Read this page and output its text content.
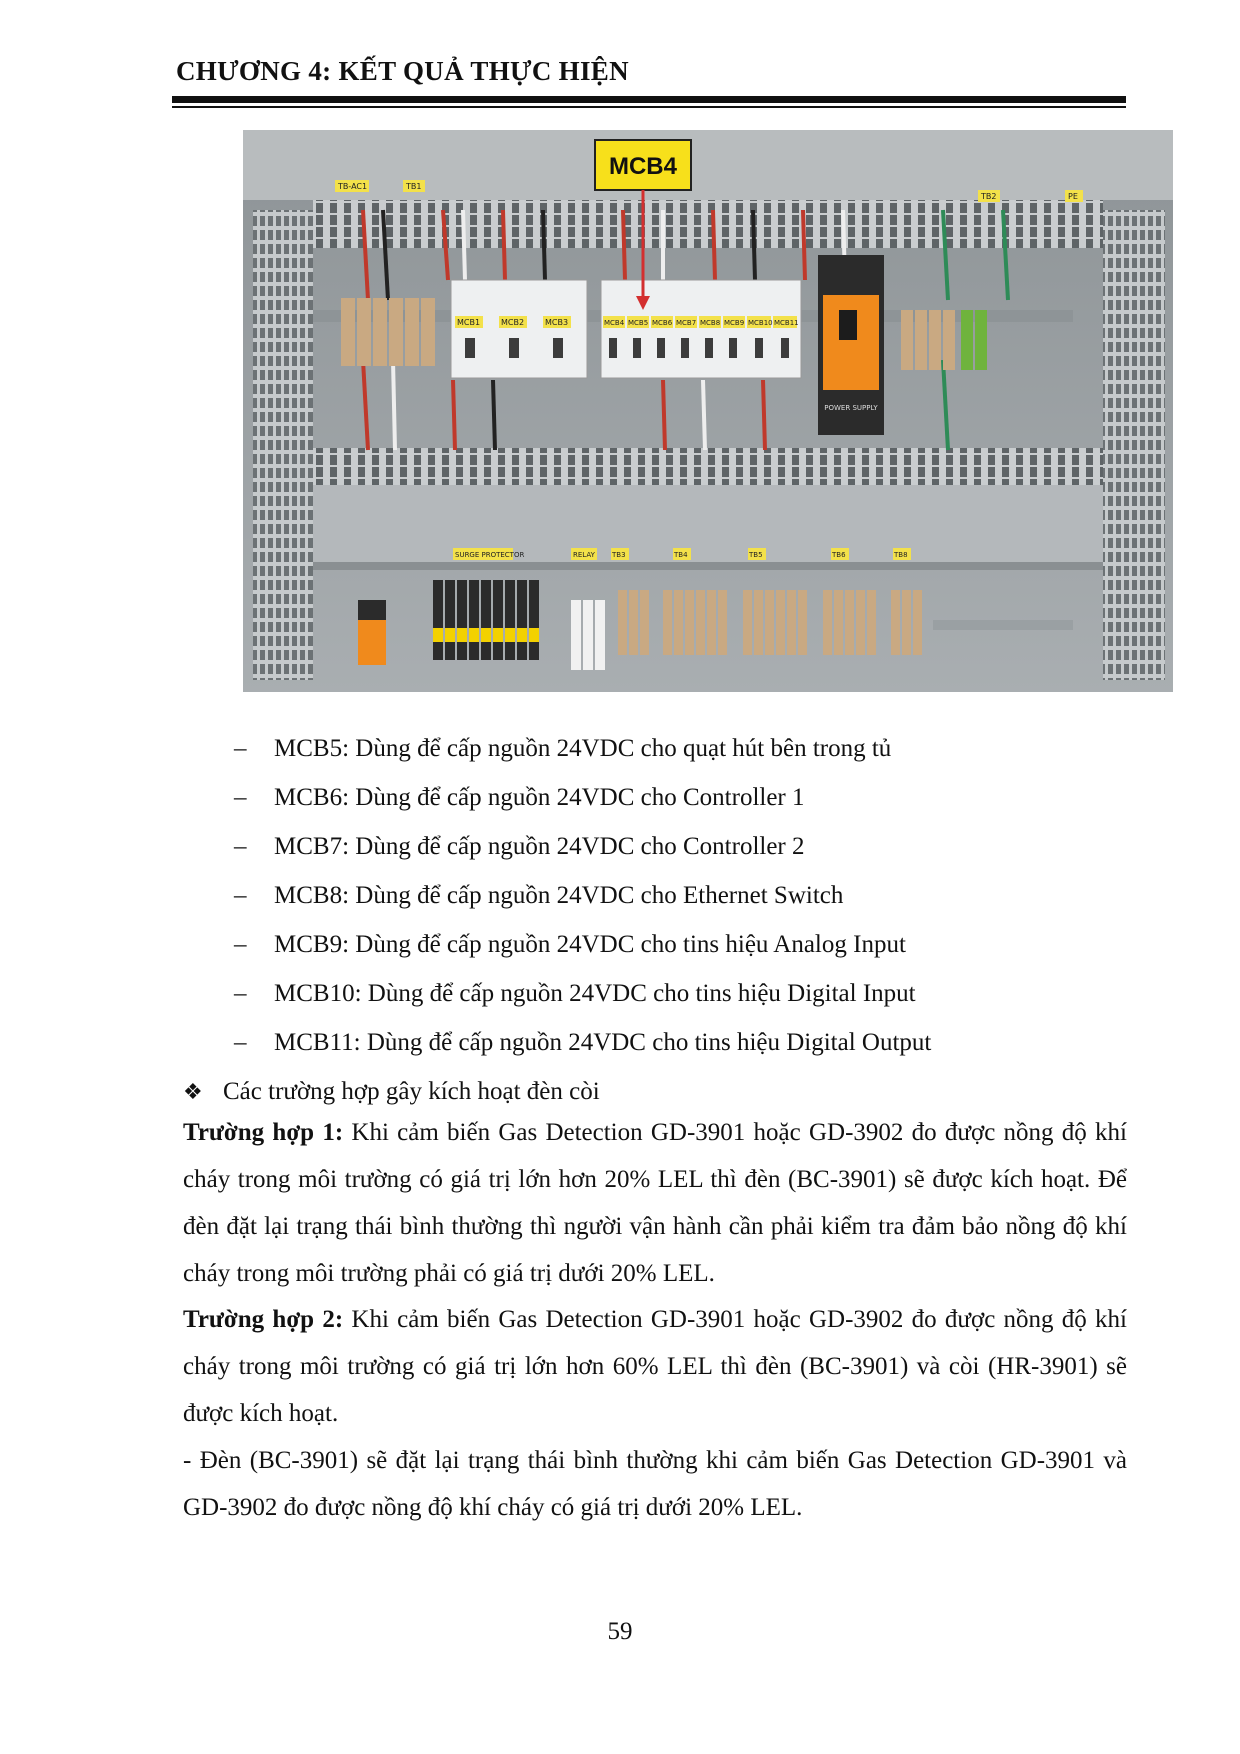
CHƯƠNG 4: KẾT QUẢ THỰC HIỆN
TB-AC1	TB1
TB2	PE
MCB1	MCB2	MCB3	MCB4 MCB5 MCB6 MCB7 MCB8 MCB9 MCB10 MCB11
MCB4
POWER SUPPLY
SURGE PROTECTOR	RELAY TB3	TB4	TB5	TB6	TB8
– MCB5: Dùng để cấp nguồn 24VDC cho quạt hút bên trong tủ
– MCB6: Dùng để cấp nguồn 24VDC cho Controller 1
– MCB7: Dùng để cấp nguồn 24VDC cho Controller 2
– MCB8: Dùng để cấp nguồn 24VDC cho Ethernet Switch
– MCB9: Dùng để cấp nguồn 24VDC cho tins hiệu Analog Input
– MCB10: Dùng để cấp nguồn 24VDC cho tins hiệu Digital Input
– MCB11: Dùng để cấp nguồn 24VDC cho tins hiệu Digital Output
❖ Các trường hợp gây kích hoạt đèn còi
Trường hợp 1: Khi cảm biến Gas Detection GD-3901 hoặc GD-3902 đo được nồng độ khí cháy trong môi trường có giá trị lớn hơn 20% LEL thì đèn (BC-3901) sẽ được kích hoạt. Để đèn đặt lại trạng thái bình thường thì người vận hành cần phải kiểm tra đảm bảo nồng độ khí cháy trong môi trường phải có giá trị dưới 20% LEL.
Trường hợp 2: Khi cảm biến Gas Detection GD-3901 hoặc GD-3902 đo được nồng độ khí cháy trong môi trường có giá trị lớn hơn 60% LEL thì đèn (BC-3901) và còi (HR-3901) sẽ được kích hoạt.
- Đèn (BC-3901) sẽ đặt lại trạng thái bình thường khi cảm biến Gas Detection GD-3901 và GD-3902 đo được nồng độ khí cháy có giá trị dưới 20% LEL.
59
